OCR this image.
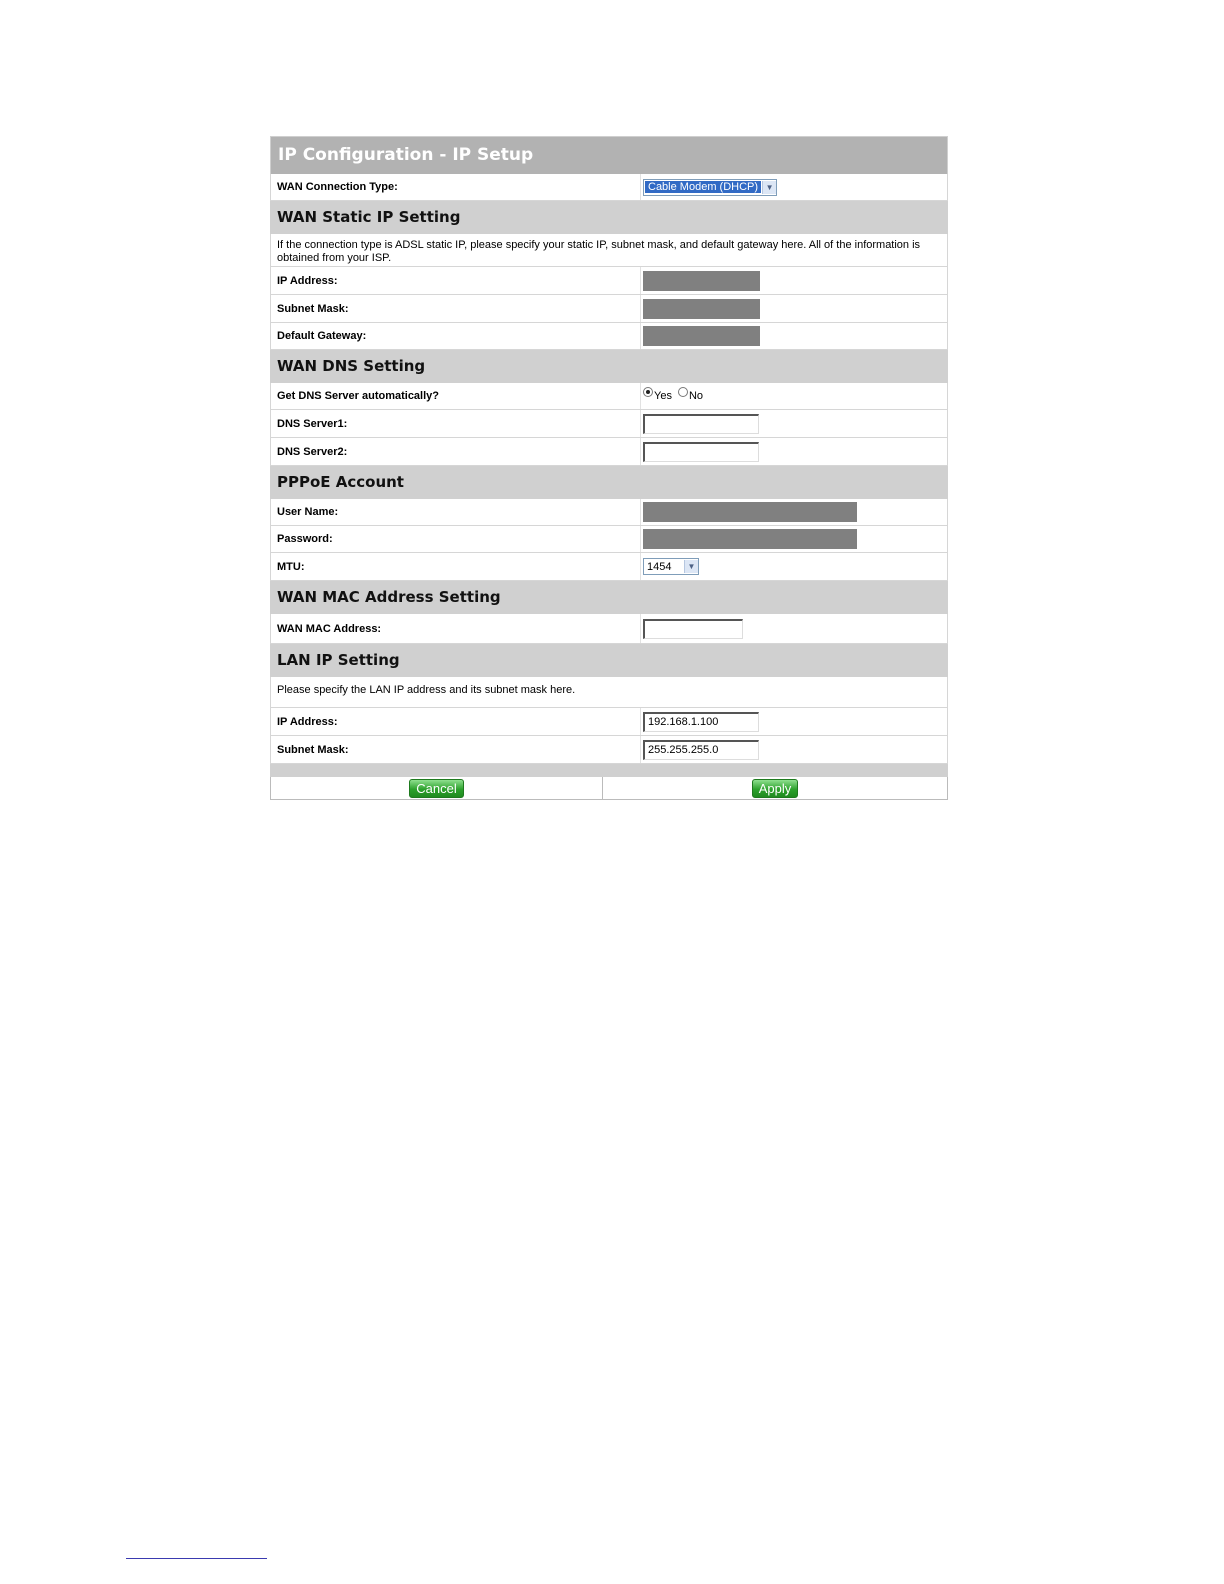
IP Configuration - IP Setup
WAN Connection Type:	Cable Modem (DHCP) ▼
WAN Static IP Setting
If the connection type is ADSL static IP, please specify your static IP, subnet mask, and default gateway here. All of the information is obtained from your ISP.
IP Address:
Subnet Mask:
Default Gateway:
WAN DNS Setting
Get DNS Server automatically?	Yes No
DNS Server1:
DNS Server2:
PPPoE Account
User Name:
Password:
MTU:	1454	▼
WAN MAC Address Setting
WAN MAC Address:
LAN IP Setting
Please specify the LAN IP address and its subnet mask here.
IP Address:	192.168.1.100
Subnet Mask:	255.255.255.0
Cancel	Apply
